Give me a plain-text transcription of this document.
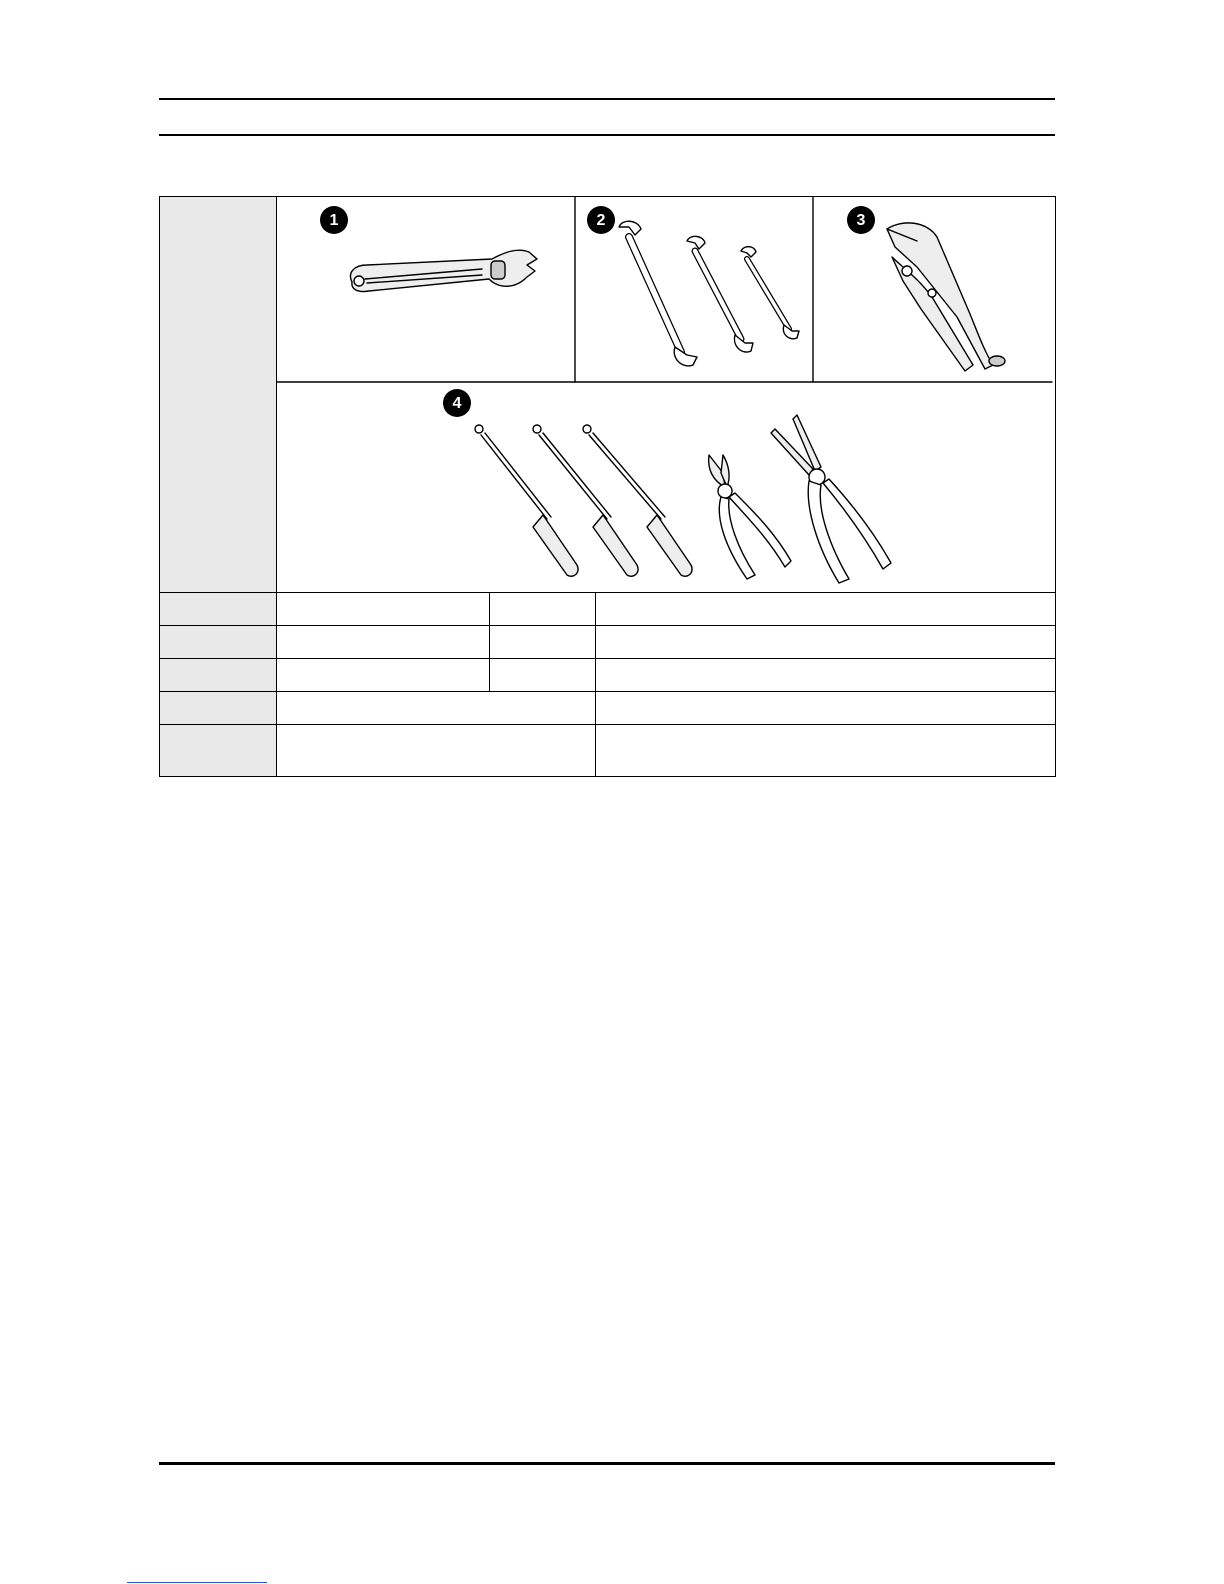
1 2 3
4		
